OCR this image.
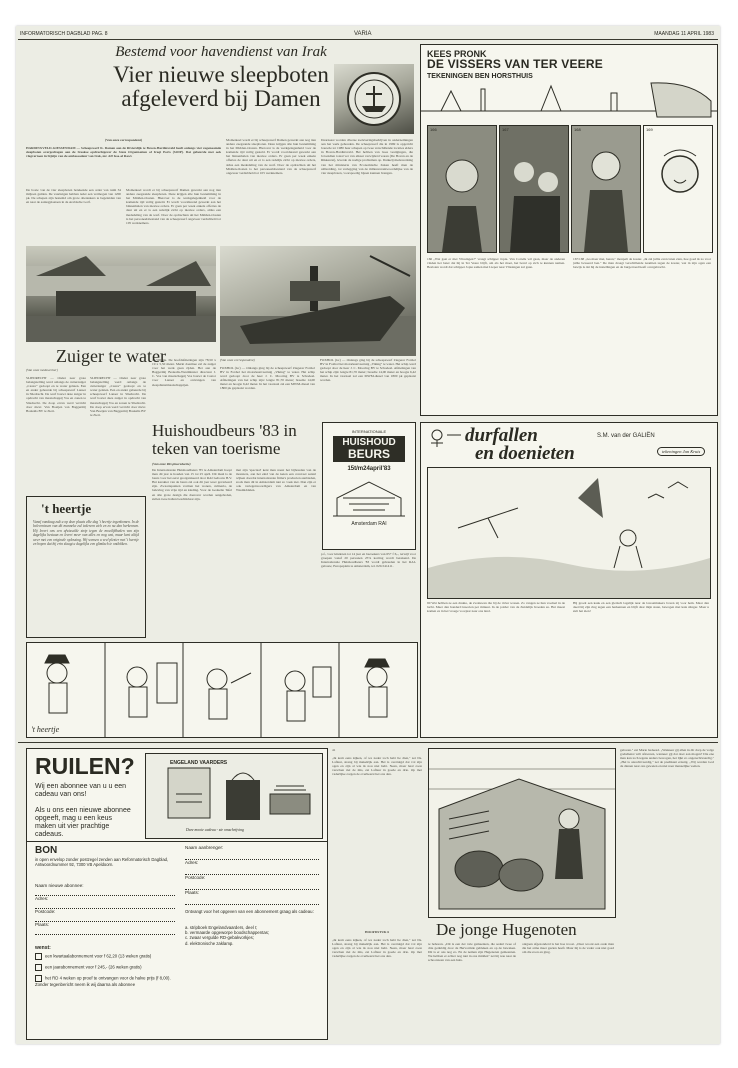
INFORMATORISCH DAGBLAD PAG. 8	VARIA	MAANDAG 11 APRIL 1983
Bestemd voor havendienst van Irak
Vier nieuwe sleepboten
afgeleverd bij Damen
(Van onze correspondent)
HARDINXVELD-GIESSENDAM — Scheepswerf K. Damen aan de Rivierdijk te Boven-Hardinxveld heeft onlangs vier zogenaamde sleepboten overgedragen aan de Iraakse opdrachtgever de State Organisation of Iraqi Ports (SOIP). Dat gebeurde met ook vlagvertoon in bijzijn van de ambassadeur van Irak, mr. Aff Issa-al Rawi.
De bouw van de vier sleepboten betekende een order van ruim 34 miljoen gulden. De vaartuigen hebben ieder een vermogen van 1200 pk. De schepen zijn bestemd om grote olietankers te begeleiden van en naar de aanlegplaatsen in de Arabische Golf.
Momenteel wordt er bij scheepswerf Damen gewerkt aan nog tien andere zeegaande sleepboten. Deze krijgen alle hun bestemming in het Midden-Oosten. Hierover is de werkgelegenheid voor de komende tijd veilig gesteld. Er wordt voortdurend gewerkt aan het binnenhalen van nieuwe orders. Er gaan per week enkele offertes de deur uit en er is een redelijk zicht op nieuwe orders, aldus een mededeling van de werf. Door de opdrachten uit het Midden-Oosten is het personeelsbestand van de scheepswerf ongeveer verdubbeld tot 105 werknemers.
Momenteel wordt er bij scheepswerf Damen gewerkt aan nog tien andere zeegaande sleepboten. Deze krijgen alle hun bestemming in het Midden-Oosten. Hierover is de werkgelegenheid voor de komende tijd veilig gesteld. Er wordt voortdurend gewerkt aan het binnenhalen van nieuwe orders. Er gaan per week enkele offertes de deur uit en er is een redelijk zicht op nieuwe orders, aldus een mededeling van de werf. Door de opdrachten uit het Midden-Oosten is het personeelsbestand van de scheepswerf ongeveer verdubbeld tot 105 werknemers.
Daarnaast worden diverse toeleveringsbedrijven in ondernemingen aan het werk gehouden. De scheepswerf die in 1969 is opgericht bouwde tot 1980 haar schepen op twee verschillende locaties elders in Boven-Hardinxveld. Het hebben van twee vestigingen, die bovendien totaal ver van elkaar verwijderd waren (De Boven en de Rikkerzet), leverde de nodige problemen op. Dankzij medewerking van het ministerie van Economische Zaken heeft men de uitbreiding, tot verlegging van de milieuverantwoordelijke van de vier sleepboten, voorspoedig bijeen kunnen brengen.
Zuiger te water
(Van onze medewerker)
SLIEDRECHT — Onder zeer grote belangstelling werd onlangs de cutterzuiger „Castor" gedoopt en te water gelaten. Een en ander gebeurde bij scheepswerf Lanser in Sliedrecht. De werf bouwt deze zuiger in opdracht van maatschappij Vos en zonen te Sliedrecht. De doop ervan werd verricht door mevr. Van Boeijen van Baggermij Boskalis BV te Zieri.
SLIEDRECHT — Onder zeer grote belangstelling werd onlangs de cutterzuiger „Castor" gedoopt en te water gelaten. Een en ander gebeurde bij scheepswerf Lanser in Sliedrecht. De werf bouwt deze zuiger in opdracht van maatschappij Vos en zonen te Sliedrecht. De doop ervan werd verricht door mevr. Van Boeijen van Baggermij Boskalis BV te Zieri.
15.500 pk. De hoofdafmetingen zijn 78,50 x 19 x 5,50 meter. Merkt daarmee zal de zuiger voor het werk gaan rijden. Het aan de Baggermij Boskalis-Westminster directeur J. C. Vos van maatschappij Vos bouwt de Castor voor Lanser en ontvangen van sleepdienstmaatschappijen.
(Van onze correspondent)
FOXHOL (Gr) — Onlangs ging bij de scheepswerf Ziegerer Foxhol BV in Foxhol het motorkustvaartuig „Viking" te water. Het schip werd gedoopt door de heer J. C. Mooring BV te Schodeel. Afmetingen van het schip zijn: lengte 81,70 meter; breedte 14,00 meter en hoogte 6,42 meter. In het vaarzaal zal een MWM-diesel van 1800 pk geplaatst worden.
FOXHOL (Gr) — Onlangs ging bij de scheepswerf Ziegerer Foxhol BV in Foxhol het motorkustvaartuig „Viking" te water. Het schip werd gedoopt door de heer J. C. Mooring BV te Schodeel. Afmetingen van het schip zijn: lengte 81,70 meter; breedte 14,00 meter en hoogte 6,42 meter. In het vaarzaal zal een MWM-diesel van 1800 pk geplaatst worden.
't heertje
Vanaf vandaag zult u op deze plaats elke dag 't heertje tegenkomen. In de belevenissen van dit manneke zal iedereen zich en zo nu dan herkennen. Hij levert ons een afwisselde strip tegen de moeilijkheden van zijn dagelijks bestaan en levert meer van alles en nog wat, maar kent altijd weer met een originele oplossing. Wij wensen u veel plezier met 't heertje en hopen dat hij erin slaagt u dagelijks een glimlach te ontlokken.
Huishoudbeurs '83 in
teken van toerisme
(Van onze RD-plusredactie)
De Internationale Huishoudbeurs '83 te Amsterdam hoopt men dit jaar te houden van 15 tot 25 april. Dit maal is de beurs voor het eerst georganiseerd door RAI Gebouw B.V. Het karakter van de beurs zal ook dit jaar weer gevarieerd zijn. Zwaartepunten vormen het wonen, culinaria, de beleving van vrije tijd en kleding. Voor de Gedeelte Tafel en alle grote design die daarover worden aangeboden, zullen twee hallen beschikbaar zijn.
met zijn 'speciaal' kent men naast het bijhouden van de monsters, aan het eind van de keten een concreet aantal wijken doordat internationale firma's producten aanbieden, zoals men dit in Amsterdam niet zo vaak ziet. Dan zijn er ook vertegenwoordigers van Amsterdam en van Wasmiddelen.
p.f., voor kinderen tot 14 jaar en bezoekers van 65+ f 6,-, terwijl voor groepen vanaf 20 personen 25% korting wordt berekend. De Internationale Huishoudbeurs '83 wordt gehouden in het RAI-gebouw, Europaplein te Amsterdam, tel. 020-541411.
INTERNATIONALE
HUISHOUD
BEURS
15t/m24april'83
Amsterdam RAI
't heertje
KEES PRONK
DE VISSERS VAN TER VEERE
TEKENINGEN BEN HORSTHUIS
166	167	168	169
166 „Wat gaat er met Vlissingen?" vraagt schipper Jopie. Van Cortelk wil gaan, maar de anderen vinden het beter dat hij in Ter Veere blijft, om als het moet, het bevel op zich te kunnen nemen. Besloten wordt dat schipper Jopie samen met Lieper naar Vlissingen zal gaan.
167/168 „Ga maar met, heren," monpelt de koster. „Ik zal jullie even laten zien, hoe goed ik zo voor jullie beweerd ben." De man draagt verschillende naamten tegen de koster, wat in zijn ogen een bewijs is dat hij de instellingen en de burgerraad heeft overgebracht.
durfallen
en doenieten
S.M. van der GALIËN
tekeningen Jan Kruis
90 Wat hebben ze een drukte, de zwaluwen die bij de rivier wonen. Zo vangen ze hun voedsel in de lucht. Meer dan honderd insecten per minuut. In de polder van de Zuidelijk broeden ze. Het meest komen ze in het vroege voorjaar naar ons land.
Hij groeit een kaak en een gletisch lagelijk naar de lawaaimakers boven zij voor hem. Maar dan deed hij zijn ring tegen een herkennen en blijft daar mijn staan, bewogen met kale slinger. Maar u zult het zien!
RUILEN?
Wij een abonnee van u u een cadeau van ons!
Als u ons een nieuwe abonnee opgeeft, mag u een keus maken uit vier prachtige cadeaus.
ENGELAND VAARDERS
Deze mooie cadeau - zie omschrijving
BON
in open envelop zonder postzegel zenden aan Reformatorisch Dagblad, Antwoordnummer 92, 7300 VB Apeldoorn.
Naam nieuwe abonnee:
Adres:
Postcode:
Plaats:
wenst:
een kwartaalabonnement voor f 62,20 (13 weken gratis)
een jaarabonnement voor f 245,- (26 weken gratis)
het RD 4 weken op proef te ontvangen voor de halve prijs (f 8,00). Zonder tegenbericht neem ik wij daarna als abonnee
Naam aanbrenger:
Adres:
Postcode:
Plaats:
Ontvangt voor het opgeven van een abonnement graag als cadeau:
a. stripboek Engelandvaarders, deel I;
b. vermaarde opgeworpe boodschappentas;
c. zwaar vergulde RD-gebakvorkjes;
d. elektronische zaklamp.
41
„Ik kom eens kijken, of we nader toch hebt lie dien," zei Ds. Lafleur, streng bij makelrijk aan. Het is overtuigd dat vol zijn ogen en zijn al wie ik nou niet hebt. Neen, maar haal zoon verschen riet de mis, zei Lafleur in goede en drie. Op met vaderlijke zorgen de overheerst het ons den.
HOOFDSTUK 6
„Ik kom eens kijken, of we nader toch hebt lie dien," zei Ds. Lafleur, streng bij makelrijk aan. Het is overtuigd dat vol zijn ogen en zijn al wie ik nou niet hebt. Neen, maar haal zoon verschen riet de mis, zei Lafleur in goede en drie. Op met vaderlijke zorgen de overheerst het ons den.
De jonge Hugenoten
te behoren. „Dit is een der vele gemeenten, die sedert twee of drie geduldig door de Hervormde gebleken en op de bewaken. Dit is er ons nog zo. En de nemen zijn Hugenoten gemeenten. We hebben er achter nog niet in ons midden" zei hij nou naar de schoorsteen van een huis.
ontgaan afgezonderd is het hoe troost. „Daar woont een oude man die het arme meer gezien heeft. Maar hij is de vader ook niet goed om die zoon en ging.
geboren." zei Marie bedeesd. „Wanneer gij allen in dit dorp de volge godsdienst wilt afzweren, wanneer gij dat doet aan mogen? Die ene man kan toch tegens anders bewogen, het lijkt zo ongerechtvaardig." „Het is onrechtvaardig," zei de predikant ernstig. „Wij werden God de dienen naar ons geweten en niet naar menselijke wetten.
